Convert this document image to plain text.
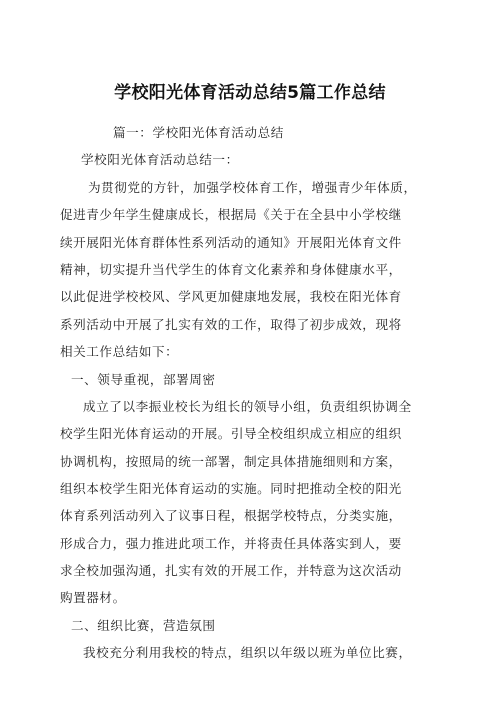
学校阳光体育活动总结5篇工作总结
篇一：学校阳光体育活动总结
学校阳光体育活动总结一：
为贯彻党的方针，加强学校体育工作，增强青少年体质，
促进青少年学生健康成长，根据局《关于在全县中小学校继
续开展阳光体育群体性系列活动的通知》开展阳光体育文件
精神，切实提升当代学生的体育文化素养和身体健康水平，
以此促进学校校风、学风更加健康地发展，我校在阳光体育
系列活动中开展了扎实有效的工作，取得了初步成效，现将
相关工作总结如下：
一、领导重视，部署周密
成立了以李振业校长为组长的领导小组，负责组织协调全
校学生阳光体育运动的开展。引导全校组织成立相应的组织
协调机构，按照局的统一部署，制定具体措施细则和方案，
组织本校学生阳光体育运动的实施。同时把推动全校的阳光
体育系列活动列入了议事日程，根据学校特点，分类实施，
形成合力，强力推进此项工作，并将责任具体落实到人，要
求全校加强沟通，扎实有效的开展工作，并特意为这次活动
购置器材。
二、组织比赛，营造氛围
我校充分利用我校的特点，组织以年级以班为单位比赛，
